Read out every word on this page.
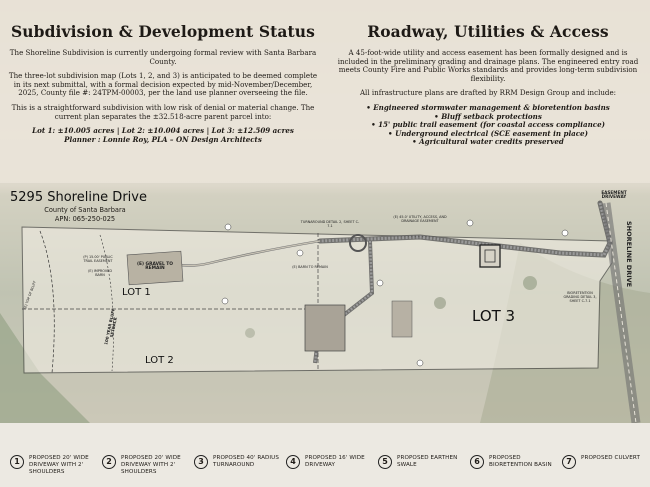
Subdivision & Development Status

The Shoreline Subdivision is currently undergoing formal review with Santa Barbara County.

The three-lot subdivision map (Lots 1, 2, and 3) is anticipated to be deemed complete in its next submittal, with a formal decision expected by mid-November/December, 2025, County file #: 24TPM-00003, per the land use planner overseeing the file.

This is a straightforward subdivision with low risk of denial or material change. The current plan separates the ±32.518-acre parent parcel into:

Lot 1: ±10.005 acres | Lot 2: ±10.004 acres | Lot 3: ±12.509 acres

Planner : Lonnie Roy, PLA – ON Design Architects

Roadway, Utilities & Access

A 45-foot-wide utility and access easement has been formally designed and is included in the preliminary grading and drainage plans. The engineered entry road meets County Fire and Public Works standards and provides long-term subdivision flexibility.

All infrastructure plans are drafted by RRM Design Group and include:

• Engineered stormwater management & bioretention basins
• Bluff setback protections
• 15' public trail easement (for coastal access compliance)
• Underground electrical (SCE easement in place)
• Agricultural water credits preserved
5295 Shoreline Drive
County of Santa Barbara
APN: 065-250-025
LOT 1
LOT 2
LOT 3
SHORELINE DRIVE
EASEMENT DRIVEWAY
TURNAROUND DETAIL 2, SHEET C-7.1
(E) 45.0' UTILITY, ACCESS, AND DRAINAGE EASEMENT
(P) 15.00' PUBLIC TRAIL EASEMENT
(E) GRAVEL TO REMAIN	(E) BARN TO REMAIN
(E) IMPROVED BARN
(E) TOP OF BLUFF
100 YEAR BLUFF SETBACK
BIORETENTION GRADING DETAIL 3, SHEET C-7.1
1	PROPOSED 20' WIDE DRIVEWAY WITH 2' SHOULDERS
2	PROPOSED 20' WIDE DRIVEWAY WITH 2' SHOULDERS
3	PROPOSED 40' RADIUS TURNAROUND	4	PROPOSED 16' WIDE DRIVEWAY	5	PROPOSED EARTHEN SWALE	6	PROPOSED BIORETENTION BASIN	7	PROPOSED CULVERT
